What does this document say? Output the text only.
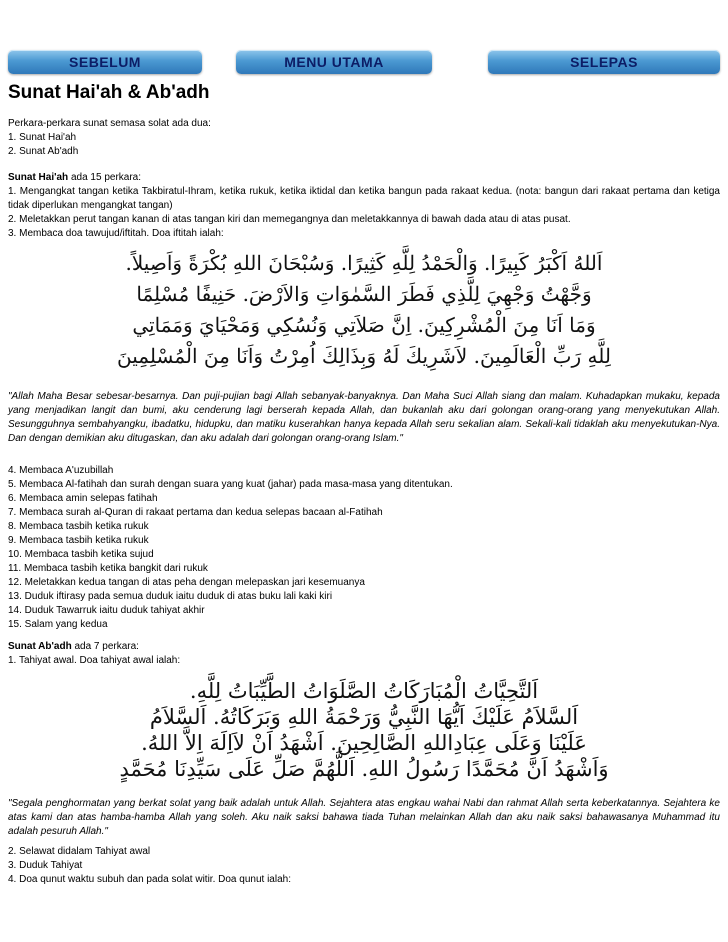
SEBELUM	MENU UTAMA	SELEPAS
Sunat Hai'ah & Ab'adh

Perkara-perkara sunat semasa solat ada dua:

1. Sunat Hai'ah

2. Sunat Ab'adh

Sunat Hai'ah ada 15 perkara:

1. Mengangkat tangan ketika Takbiratul-Ihram, ketika rukuk, ketika iktidal dan ketika bangun pada rakaat kedua. (nota: bangun dari rakaat pertama dan ketiga tidak diperlukan mengangkat tangan)

2. Meletakkan perut tangan kanan di atas tangan kiri dan memegangnya dan meletakkannya di bawah dada atau di atas pusat.

3. Membaca doa tawujud/iftitah. Doa iftitah ialah:

اَللهُ اَكْبَرُ كَبِيرًا. وَالْحَمْدُ لِلَّهِ كَثِيرًا. وَسُبْحَانَ اللهِ بُكْرَةً وَاَصِيلاً.

وَجَّهْتُ وَجْهِيَ لِلَّذِي فَطَرَ السَّمٰوَاتِ وَالاَرْضَ. حَنِيفًا مُسْلِمًا

وَمَا اَنَا مِنَ الْمُشْرِكِينَ. اِنَّ صَلاَتِي وَنُسُكِي وَمَحْيَايَ وَمَمَاتِي

لِلَّهِ رَبِّ الْعَالَمِينَ. لاَشَرِيكَ لَهُ وَبِذَالِكَ اُمِرْتُ وَاَنَا مِنَ الْمُسْلِمِينَ

"Allah Maha Besar sebesar-besarnya. Dan puji-pujian bagi Allah sebanyak-banyaknya. Dan Maha Suci Allah siang dan malam. Kuhadapkan mukaku, kepada yang menjadikan langit dan bumi, aku cenderung lagi berserah kepada Allah, dan bukanlah aku dari golongan orang-orang yang menyekutukan Allah. Sesungguhnya sembahyangku, ibadatku, hidupku, dan matiku kuserahkan hanya kepada Allah seru sekalian alam. Sekali-kali tidaklah aku menyekutukan-Nya. Dan dengan demikian aku ditugaskan, dan aku adalah dari golongan orang-orang Islam."

4. Membaca A'uzubillah

5. Membaca Al-fatihah dan surah dengan suara yang kuat (jahar) pada masa-masa yang ditentukan.

6. Membaca amin selepas fatihah

7. Membaca surah al-Quran di rakaat pertama dan kedua selepas bacaan al-Fatihah

8. Membaca tasbih ketika rukuk

9. Membaca tasbih ketika rukuk

10. Membaca tasbih ketika sujud

11. Membaca tasbih ketika bangkit dari rukuk

12. Meletakkan kedua tangan di atas peha dengan melepaskan jari kesemuanya

13. Duduk iftirasy pada semua duduk iaitu duduk di atas buku lali kaki kiri

14. Duduk Tawarruk iaitu duduk tahiyat akhir

15. Salam yang kedua

Sunat Ab'adh ada 7 perkara:

1. Tahiyat awal. Doa tahiyat awal ialah:

اَلتَّحِيَّاتُ الْمُبَارَكَاتُ الصَّلَوَاتُ الطَّيِّبَاتُ لِلَّهِ.

اَلسَّلاَمُ عَلَيْكَ اَيُّهَا النَّبِيُّ وَرَحْمَةُ اللهِ وَبَرَكَاتُهُ. اَلسَّلاَمُ

عَلَيْنَا وَعَلَى عِبَادِاللهِ الصَّالِحِينَ. اَشْهَدُ اَنْ لاَاِلَهَ اِلاَّ اللهُ.

وَاَشْهَدُ اَنَّ مُحَمَّدًا رَسُولُ اللهِ. اَللَّهُمَّ صَلِّ عَلَى سَيِّدِنَا مُحَمَّدٍ

"Segala penghormatan yang berkat solat yang baik adalah untuk Allah. Sejahtera atas engkau wahai Nabi dan rahmat Allah serta keberkatannya. Sejahtera ke atas kami dan atas hamba-hamba Allah yang soleh. Aku naik saksi bahawa tiada Tuhan melainkan Allah dan aku naik saksi bahawasanya Muhammad itu adalah pesuruh Allah."

2. Selawat didalam Tahiyat awal

3. Duduk Tahiyat

4. Doa qunut waktu subuh dan pada solat witir. Doa qunut ialah:
